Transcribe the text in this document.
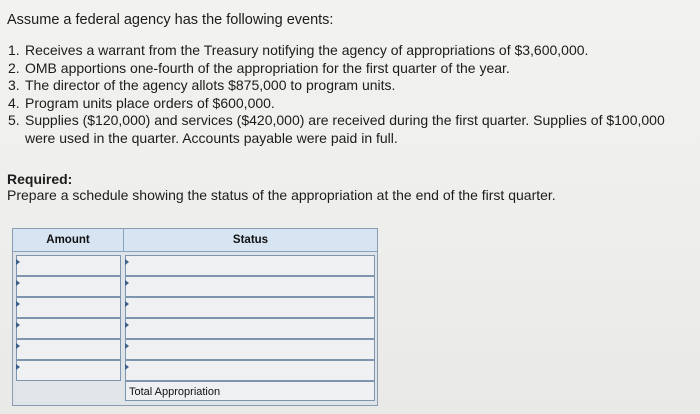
Assume a federal agency has the following events:

1. Receives a warrant from the Treasury notifying the agency of appropriations of $3,600,000.
2. OMB apportions one-fourth of the appropriation for the first quarter of the year.
3. The director of the agency allots $875,000 to program units.
4. Program units place orders of $600,000.
5. Supplies ($120,000) and services ($420,000) are received during the first quarter. Supplies of $100,000 were used in the quarter. Accounts payable were paid in full.

Required:

Prepare a schedule showing the status of the appropriation at the end of the first quarter.

Amount	Status
Total Appropriation
